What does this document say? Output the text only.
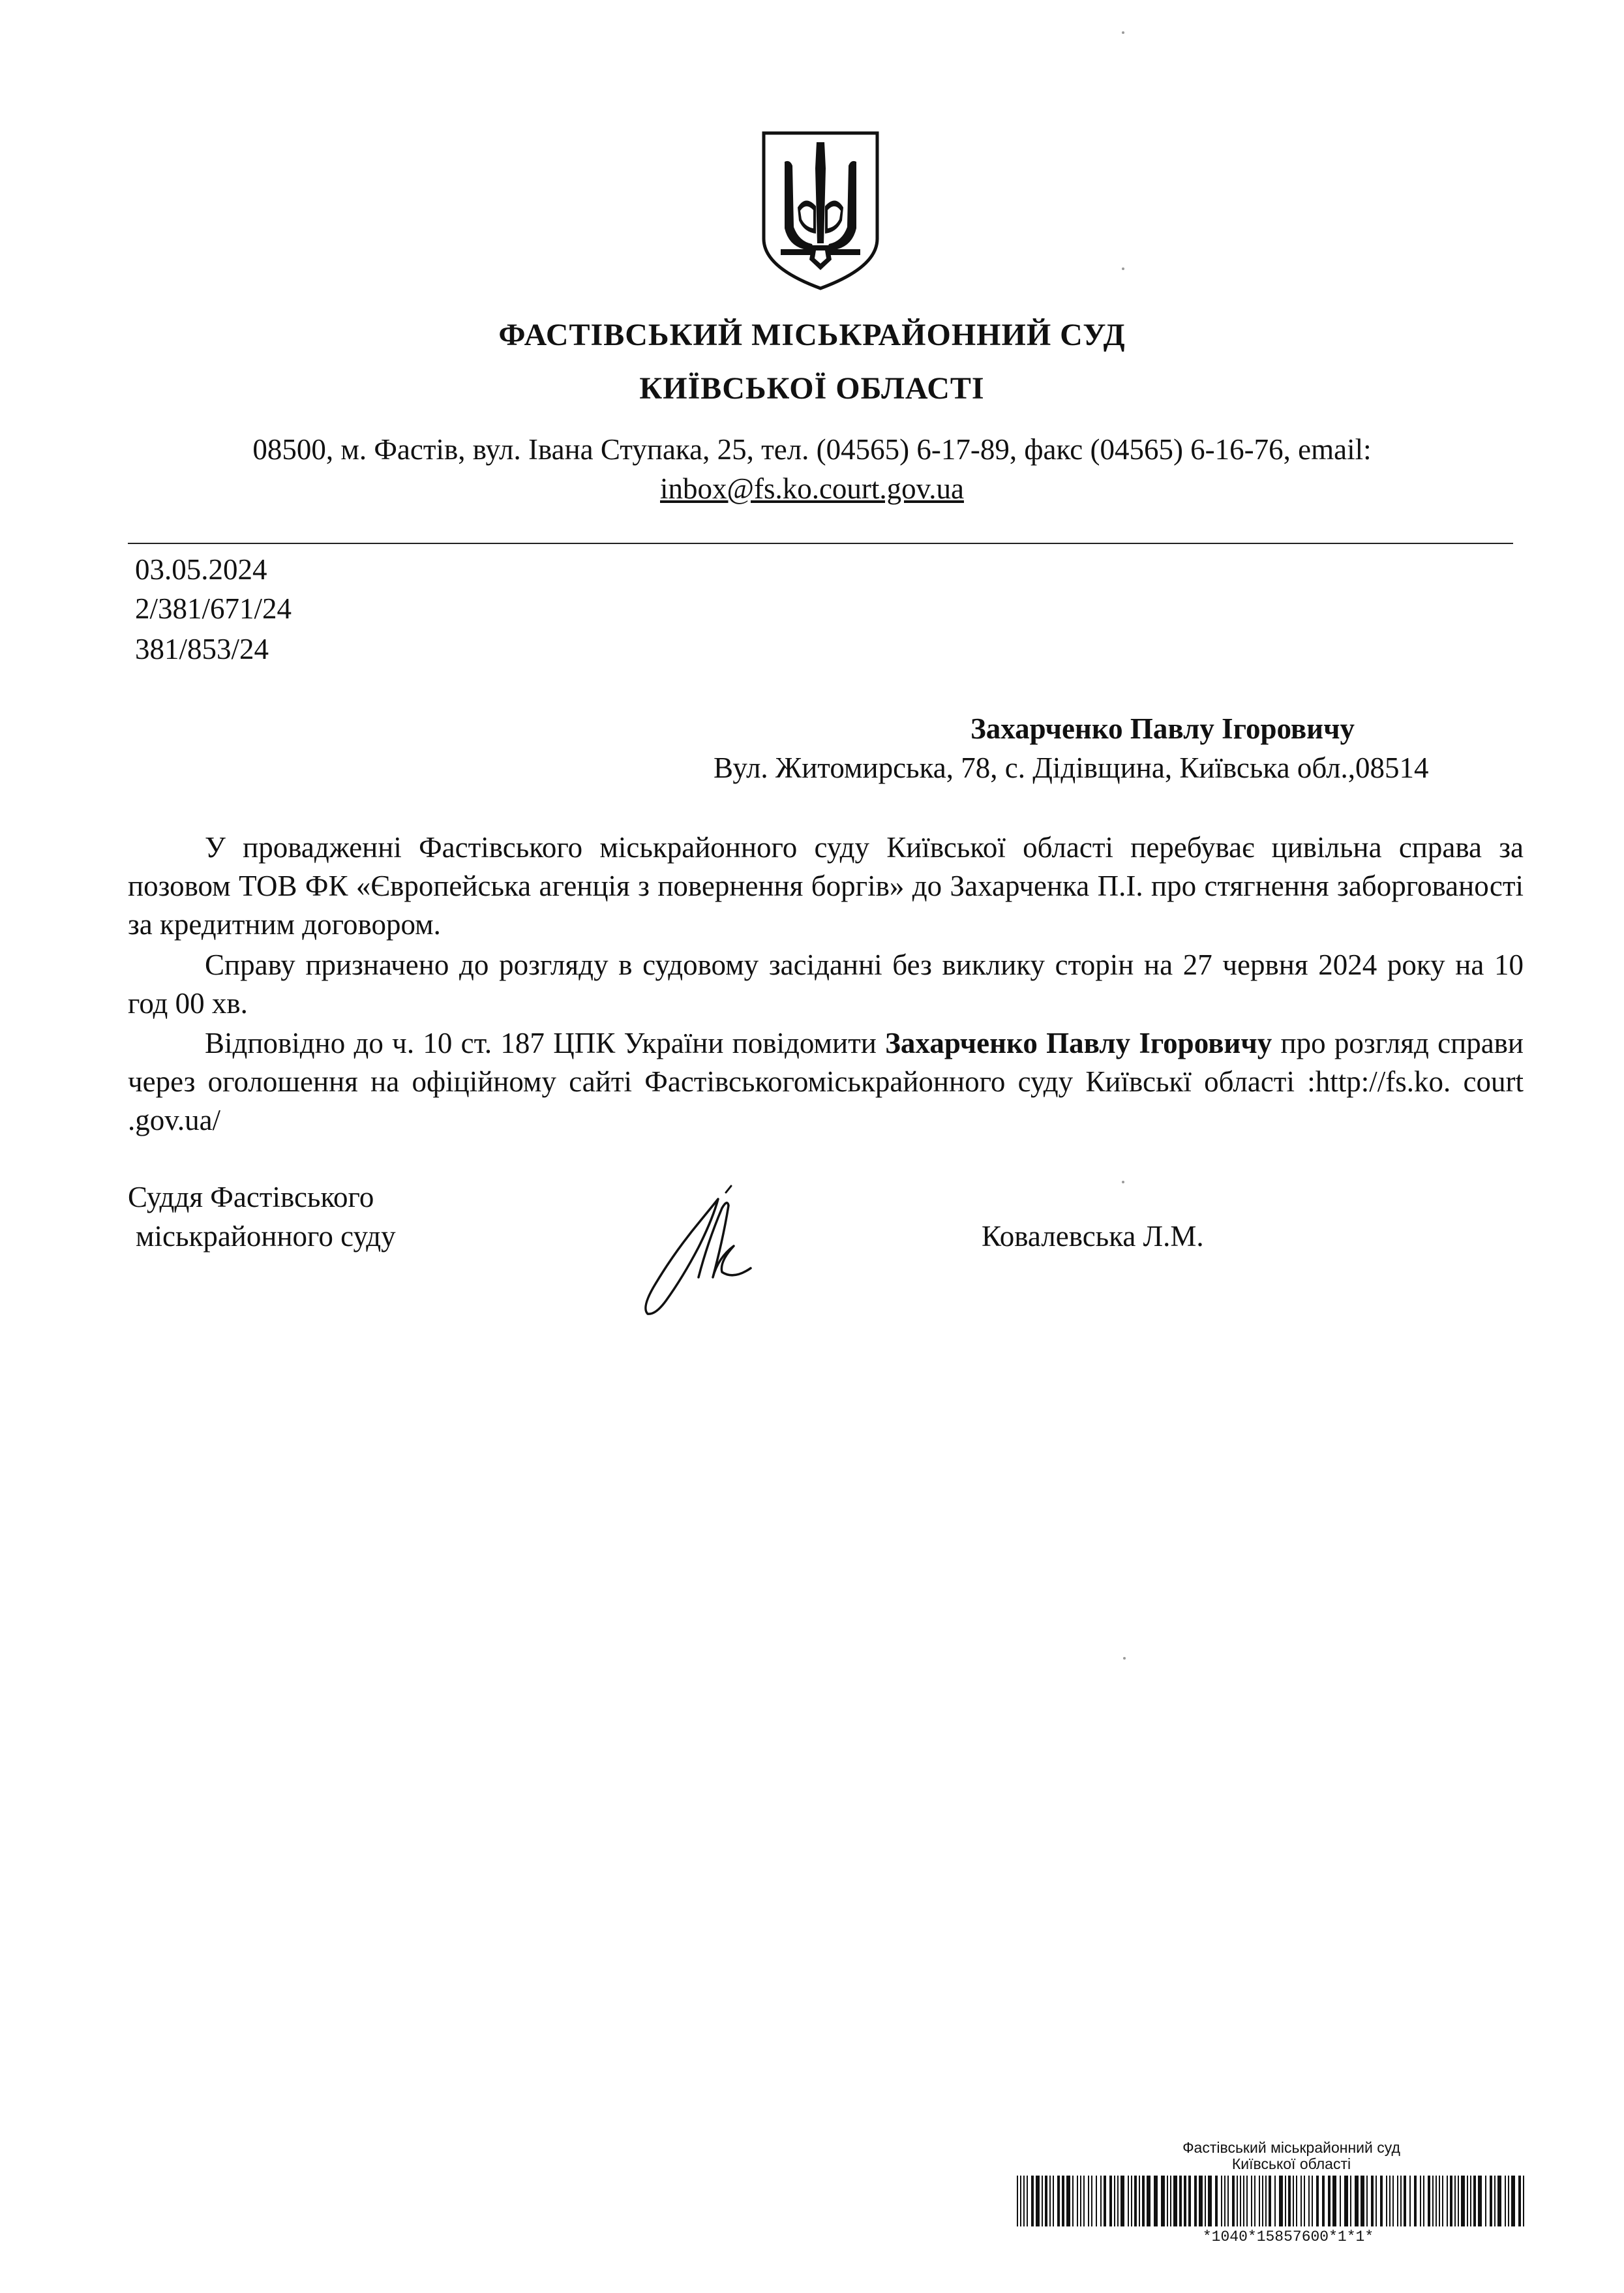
ФАСТІВСЬКИЙ МІСЬКРАЙОННИЙ СУД
КИЇВСЬКОЇ ОБЛАСТІ
08500, м. Фастів, вул. Івана Ступака, 25, тел. (04565) 6-17-89, факс (04565) 6-16-76, email:
inbox@fs.ko.court.gov.ua
03.05.2024
2/381/671/24
381/853/24
Захарченко Павлу Ігоровичу
Вул. Житомирська, 78, с. Дідівщина, Київська обл.,08514
У провадженні Фастівського міськрайонного суду Київської області перебуває цивільна справа за позовом ТОВ ФК «Європейська агенція з повернення боргів» до Захарченка П.І. про стягнення заборгованості за кредитним договором.
Справу призначено до розгляду в судовому засіданні без виклику сторін на 27 червня 2024 року на 10 год 00 хв.
Відповідно до ч. 10 ст. 187 ЦПК України повідомити Захарченко Павлу Ігоровичу про розгляд справи через оголошення на офіційному сайті Фастівськогоміськрайонного суду Київськї області :http://fs.ko. court .gov.ua/
Суддя Фастівського
міськрайонного суду	Ковалевська Л.М.
Фастівський міськрайонний суд
Київської області
*1040*15857600*1*1*
